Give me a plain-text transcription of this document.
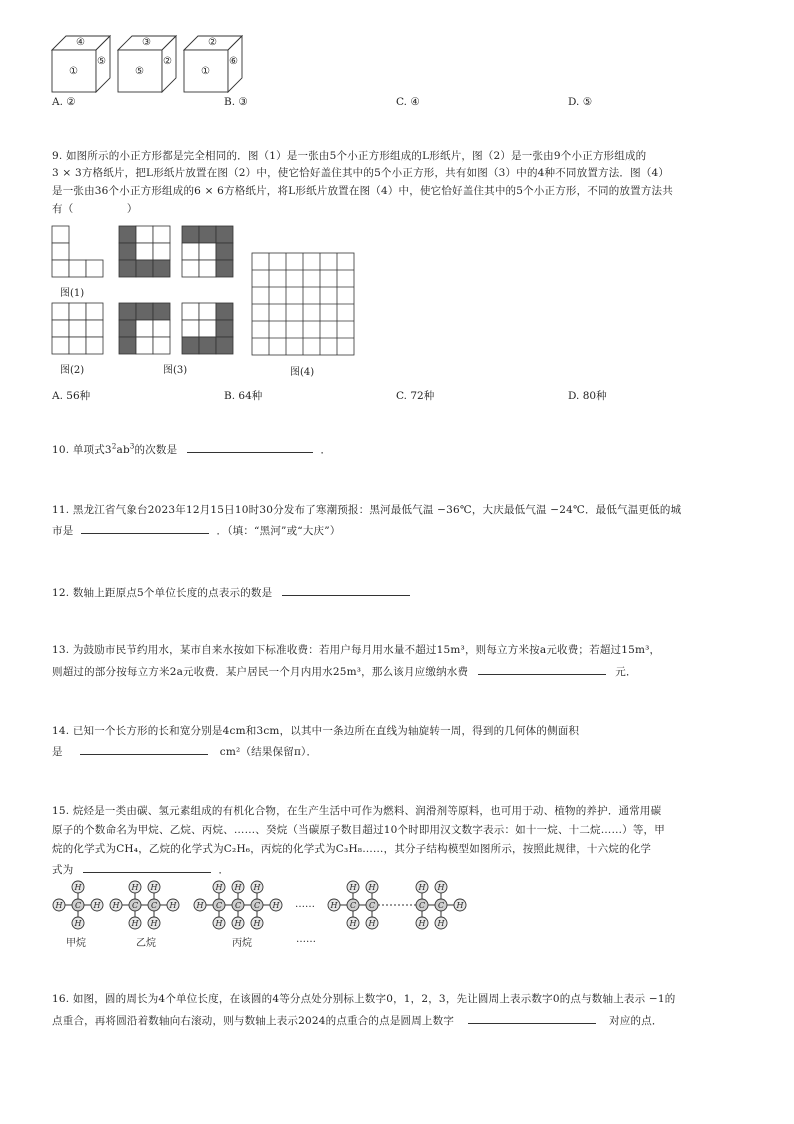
④
①
⑤
③
⑤
②
②
①
⑥
A. ②	B. ③	C. ④	D. ⑤
9. 如图所示的小正方形都是完全相同的．图（1）是一张由5个小正方形组成的L形纸片，图（2）是一张由9个小正方形组成的
3 × 3方格纸片，把L形纸片放置在图（2）中，使它恰好盖住其中的5个小正方形，共有如图（3）中的4种不同放置方法．图（4）
是一张由36个小正方形组成的6 × 6方格纸片，将L形纸片放置在图（4）中，使它恰好盖住其中的5个小正方形，不同的放置方法共
有（　　　　　）
图(1)
图(2)	图(3)	图(4)
A. 56种	B. 64种	C. 72种	D. 80种
10. 单项式$3^2ab^3$的次数是	．
11. 黑龙江省气象台2023年12月15日10时30分发布了寒潮预报：黑河最低气温 −36℃，大庆最低气温 −24℃．最低气温更低的城
市是	．（填：“黑河”或“大庆”）
12. 数轴上距原点5个单位长度的点表示的数是
13. 为鼓励市民节约用水，某市自来水按如下标准收费：若用户每月用水量不超过15m³，则每立方米按a元收费；若超过15m³，
则超过的部分按每立方米2a元收费．某户居民一个月内用水25m³，那么该月应缴纳水费	元．
14. 已知一个长方形的长和宽分别是4cm和3cm，以其中一条边所在直线为轴旋转一周，得到的几何体的侧面积
是	cm²（结果保留π）．
15. 烷烃是一类由碳、氢元素组成的有机化合物，在生产生活中可作为燃料、润滑剂等原料，也可用于动、植物的养护．通常用碳
原子的个数命名为甲烷、乙烷、丙烷、……、癸烷（当碳原子数目超过10个时即用汉文数字表示：如十一烷、十二烷……）等，甲
烷的化学式为CH₄，乙烷的化学式为C₂H₆，丙烷的化学式为C₃H₈……，其分子结构模型如图所示，按照此规律，十六烷的化学
式为	．
H	H
H
H
C	H	H
H
H
C
H
H
C	H	H
H
H
C
H
H
C
H
H
C
H
H
C
H
H
C
H
H
C
H
H
C
H	H
甲烷	乙烷	丙烷	……
……
16. 如图，圆的周长为4个单位长度，在该圆的4等分点处分别标上数字0，1，2，3，先让圆周上表示数字0的点与数轴上表示 −1的
点重合，再将圆沿着数轴向右滚动，则与数轴上表示2024的点重合的点是圆周上数字	对应的点．
